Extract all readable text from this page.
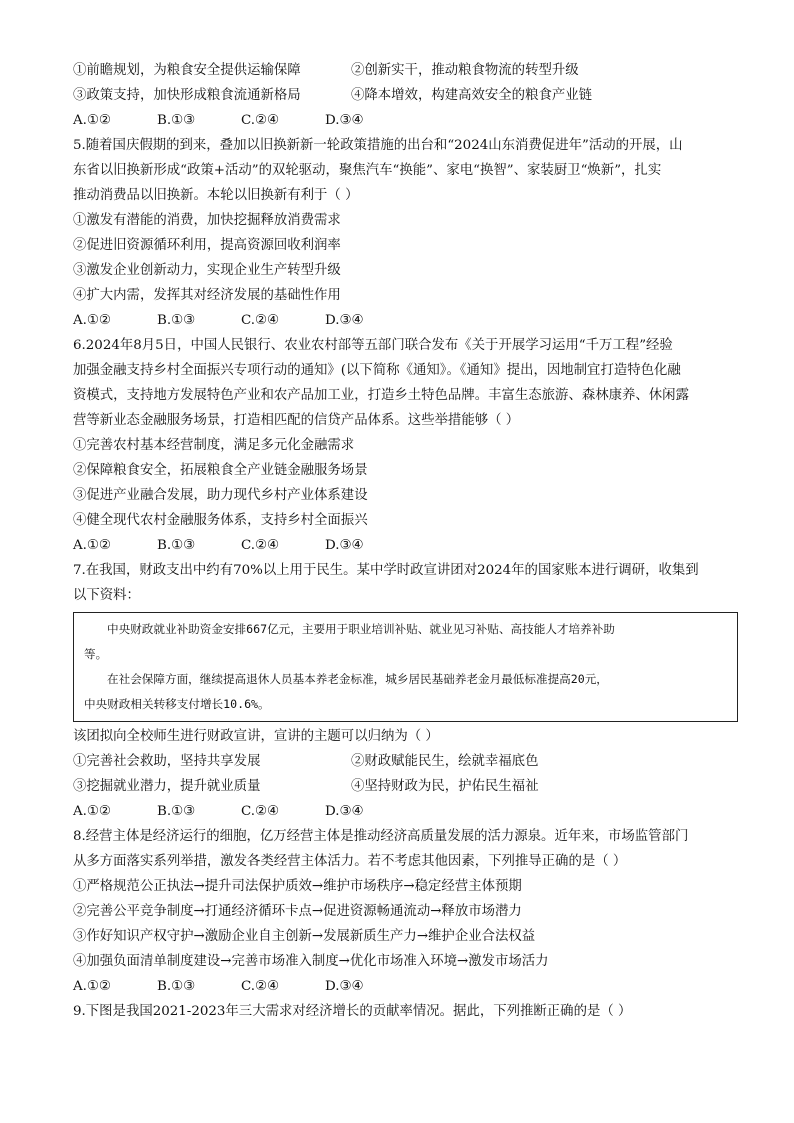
①前瞻规划，为粮食安全提供运输保障	②创新实干，推动粮食物流的转型升级
③政策支持，加快形成粮食流通新格局	④降本增效，构建高效安全的粮食产业链
A.①②	B.①③	C.②④	D.③④
5.随着国庆假期的到来，叠加以旧换新新一轮政策措施的出台和“2024山东消费促进年”活动的开展，山
东省以旧换新形成“政策+活动”的双轮驱动，聚焦汽车“换能”、家电“换智”、家装厨卫“焕新”，扎实
推动消费品以旧换新。本轮以旧换新有利于（ ）
①激发有潜能的消费，加快挖掘释放消费需求
②促进旧资源循环利用，提高资源回收利润率
③激发企业创新动力，实现企业生产转型升级
④扩大内需，发挥其对经济发展的基础性作用
A.①②	B.①③	C.②④	D.③④
6.2024年8月5日，中国人民银行、农业农村部等五部门联合发布《关于开展学习运用“千万工程”经验
加强金融支持乡村全面振兴专项行动的通知》(以下简称《通知》。《通知》提出，因地制宜打造特色化融
资模式，支持地方发展特色产业和农产品加工业，打造乡土特色品牌。丰富生态旅游、森林康养、休闲露
营等新业态金融服务场景，打造相匹配的信贷产品体系。这些举措能够（ ）
①完善农村基本经营制度，满足多元化金融需求
②保障粮食安全，拓展粮食全产业链金融服务场景
③促进产业融合发展，助力现代乡村产业体系建设
④健全现代农村金融服务体系，支持乡村全面振兴
A.①②	B.①③	C.②④	D.③④
7.在我国，财政支出中约有70%以上用于民生。某中学时政宣讲团对2024年的国家账本进行调研，收集到
以下资料：
中央财政就业补助资金安排667亿元，主要用于职业培训补贴、就业见习补贴、高技能人才培养补助
等。
在社会保障方面，继续提高退休人员基本养老金标准，城乡居民基础养老金月最低标准提高20元，
中央财政相关转移支付增长10.6%。
该团拟向全校师生进行财政宣讲，宣讲的主题可以归纳为（ ）
①完善社会救助，坚持共享发展	②财政赋能民生，绘就幸福底色
③挖掘就业潜力，提升就业质量	④坚持财政为民，护佑民生福祉
A.①②	B.①③	C.②④	D.③④
8.经营主体是经济运行的细胞，亿万经营主体是推动经济高质量发展的活力源泉。近年来，市场监管部门
从多方面落实系列举措，激发各类经营主体活力。若不考虑其他因素，下列推导正确的是（ ）
①严格规范公正执法→提升司法保护质效→维护市场秩序→稳定经营主体预期
②完善公平竞争制度→打通经济循环卡点→促进资源畅通流动→释放市场潜力
③作好知识产权守护→激励企业自主创新→发展新质生产力→维护企业合法权益
④加强负面清单制度建设→完善市场准入制度→优化市场准入环境→激发市场活力
A.①②	B.①③	C.②④	D.③④
9.下图是我国2021-2023年三大需求对经济增长的贡献率情况。据此，下列推断正确的是（ ）
